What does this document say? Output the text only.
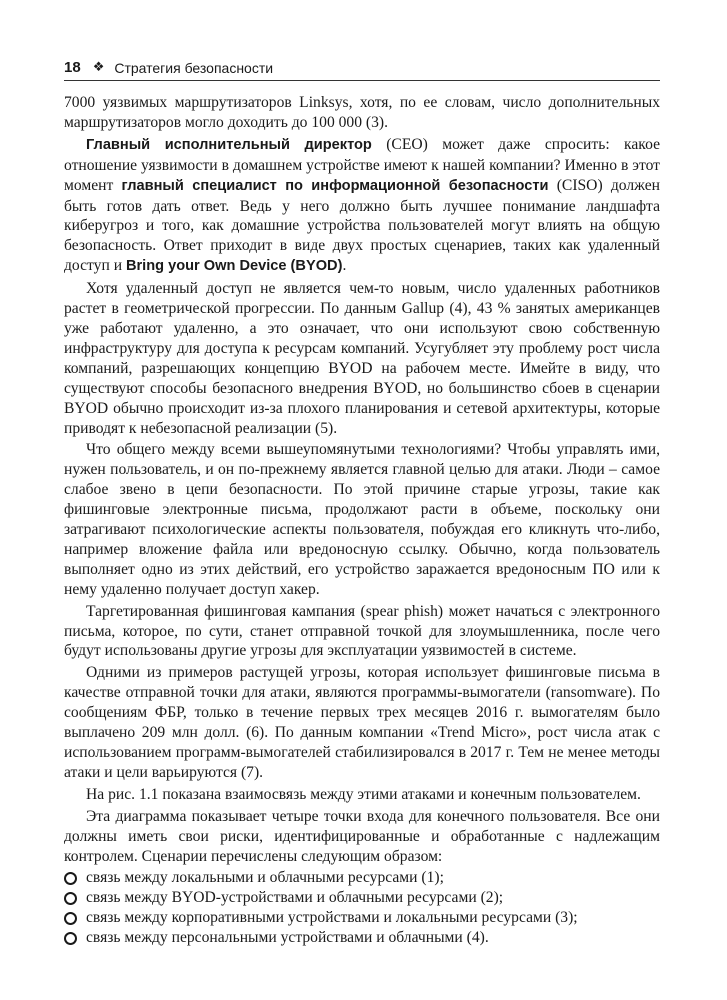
18 ❖ Стратегия безопасности

7000 уязвимых маршрутизаторов Linksys, хотя, по ее словам, число дополнительных маршрутизаторов могло доходить до 100 000 (3).

Главный исполнительный директор (CEO) может даже спросить: какое отношение уязвимости в домашнем устройстве имеют к нашей компании? Именно в этот момент главный специалист по информационной безопасности (CISO) должен быть готов дать ответ. Ведь у него должно быть лучшее понимание ландшафта киберугроз и того, как домашние устройства пользователей могут влиять на общую безопасность. Ответ приходит в виде двух простых сценариев, таких как удаленный доступ и Bring your Own Device (BYOD).

Хотя удаленный доступ не является чем-то новым, число удаленных работников растет в геометрической прогрессии. По данным Gallup (4), 43 % занятых американцев уже работают удаленно, а это означает, что они используют свою собственную инфраструктуру для доступа к ресурсам компаний. Усугубляет эту проблему рост числа компаний, разрешающих концепцию BYOD на рабочем месте. Имейте в виду, что существуют способы безопасного внедрения BYOD, но большинство сбоев в сценарии BYOD обычно происходит из-за плохого планирования и сетевой архитектуры, которые приводят к небезопасной реализации (5).

Что общего между всеми вышеупомянутыми технологиями? Чтобы управлять ими, нужен пользователь, и он по-прежнему является главной целью для атаки. Люди – самое слабое звено в цепи безопасности. По этой причине старые угрозы, такие как фишинговые электронные письма, продолжают расти в объеме, поскольку они затрагивают психологические аспекты пользователя, побуждая его кликнуть что-либо, например вложение файла или вредоносную ссылку. Обычно, когда пользователь выполняет одно из этих действий, его устройство заражается вредоносным ПО или к нему удаленно получает доступ хакер.

Таргетированная фишинговая кампания (spear phish) может начаться с электронного письма, которое, по сути, станет отправной точкой для злоумышленника, после чего будут использованы другие угрозы для эксплуатации уязвимостей в системе.

Одними из примеров растущей угрозы, которая использует фишинговые письма в качестве отправной точки для атаки, являются программы-вымогатели (ransomware). По сообщениям ФБР, только в течение первых трех месяцев 2016 г. вымогателям было выплачено 209 млн долл. (6). По данным компании «Trend Micro», рост числа атак с использованием программ-вымогателей стабилизировался в 2017 г. Тем не менее методы атаки и цели варьируются (7).

На рис. 1.1 показана взаимосвязь между этими атаками и конечным пользователем.

Эта диаграмма показывает четыре точки входа для конечного пользователя. Все они должны иметь свои риски, идентифицированные и обработанные с надлежащим контролем. Сценарии перечислены следующим образом:

связь между локальными и облачными ресурсами (1);
связь между BYOD-устройствами и облачными ресурсами (2);
связь между корпоративными устройствами и локальными ресурсами (3);
связь между персональными устройствами и облачными (4).
